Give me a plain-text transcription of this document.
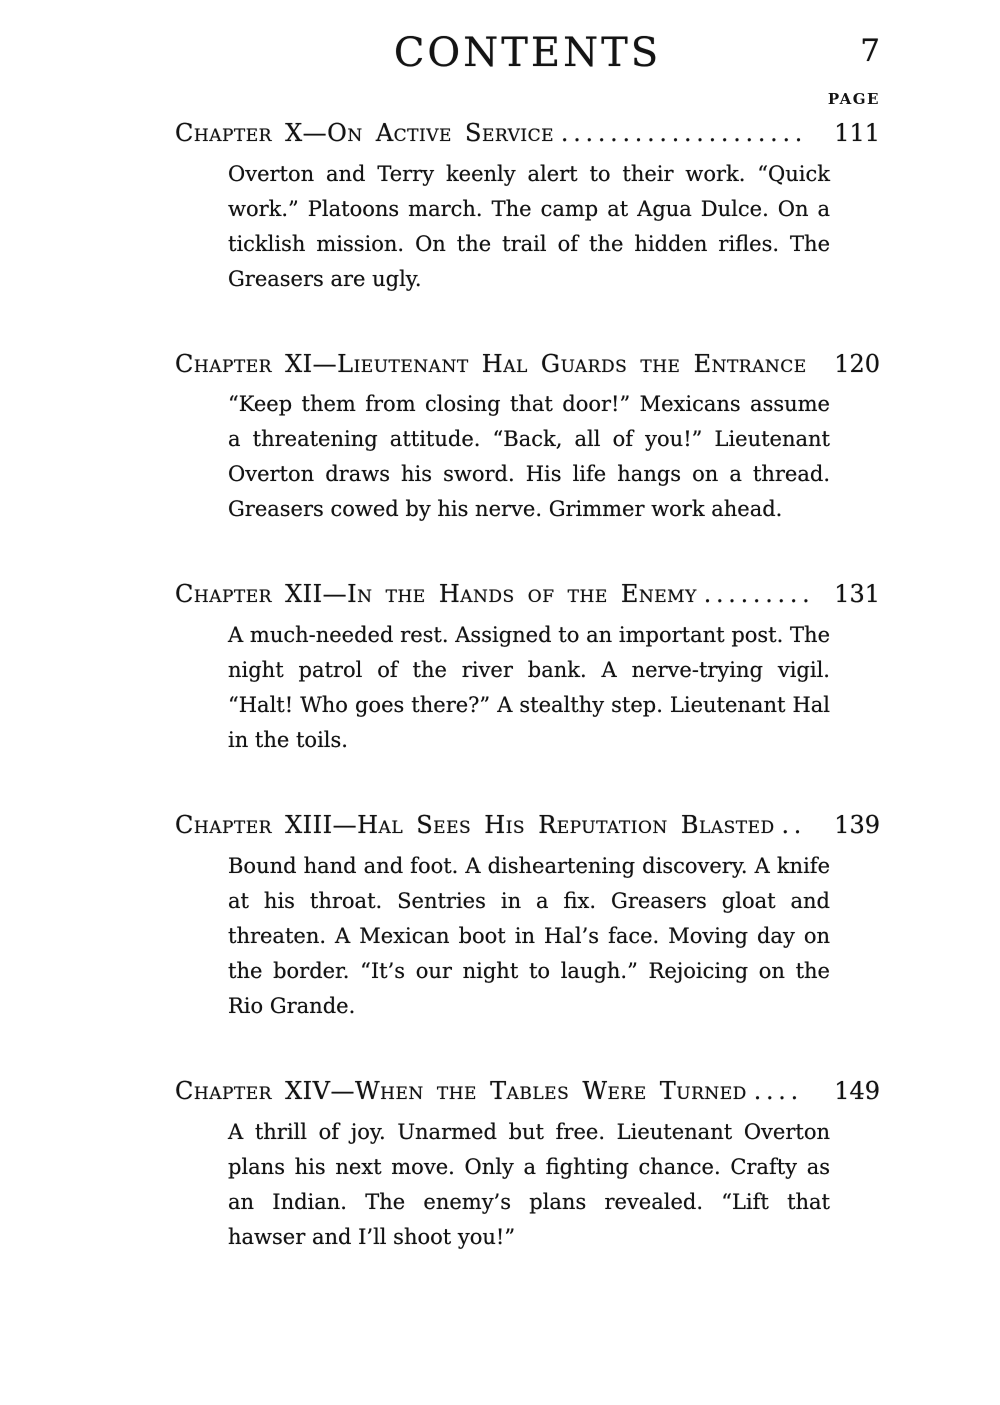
CONTENTS	7
PAGE
Chapter X—On Active Service ....................	111

Overton and Terry keenly alert to their work. “Quick work.” Platoons march. The camp at Agua Dulce. On a ticklish mission. On the trail of the hidden rifles. The Greasers are ugly.

Chapter XI—Lieutenant Hal Guards the Entrance 120

“Keep them from closing that door!” Mexicans assume a threatening attitude. “Back, all of you!” Lieutenant Overton draws his sword. His life hangs on a thread. Greasers cowed by his nerve. Grimmer work ahead.

Chapter XII—In the Hands of the Enemy ......... 131

A much-needed rest. Assigned to an important post. The night patrol of the river bank. A nerve-trying vigil. “Halt! Who goes there?” A stealthy step. Lieutenant Hal in the toils.

Chapter XIII—Hal Sees His Reputation Blasted ..	139

Bound hand and foot. A disheartening discovery. A knife at his throat. Sentries in a fix. Greasers gloat and threaten. A Mexican boot in Hal’s face. Moving day on the border. “It’s our night to laugh.” Rejoicing on the Rio Grande.

Chapter XIV—When the Tables Were Turned ....	149

A thrill of joy. Unarmed but free. Lieutenant Overton plans his next move. Only a fighting chance. Crafty as an Indian. The enemy’s plans revealed. “Lift that hawser and I’ll shoot you!”
